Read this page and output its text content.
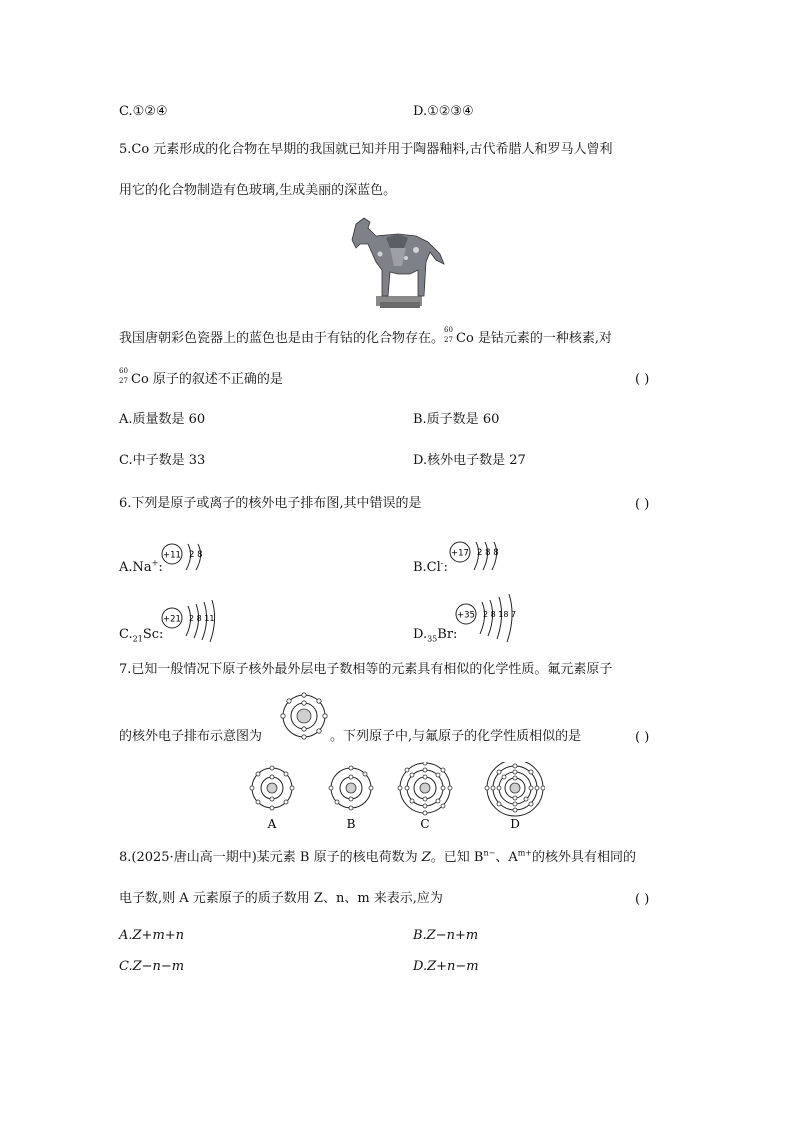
C.①②④	D.①②③④
5.Co 元素形成的化合物在早期的我国就已知并用于陶器釉料,古代希腊人和罗马人曾利
用它的化合物制造有色玻璃,生成美丽的深蓝色。
我国唐朝彩色瓷器上的蓝色也是由于有钴的化合物存在。
60
27 Co 是钴元素的一种核素,对
60
27 Co 原子的叙述不正确的是	( )
A.质量数是 60	B.质子数是 60
C.中子数是 33	D.核外电子数是 27
6.下列是原子或离子的核外电子排布图,其中错误的是	( )
A.Na+:
+11 2 8
B.Cl-:
+17 2 8 8
$C._{21}Sc$:
+21 2 8 11
$D._{35}Br$:
+35 2 8 18 7
7.已知一般情况下原子核外最外层电子数相等的元素具有相似的化学性质。氟元素原子
的核外电子排布示意图为	。下列原子中,与氟原子的化学性质相似的是	( )
A	B	C	D
8.(2025·唐山高一期中)某元素 B 原子的核电荷数为 Z。已知 $B^{n-}$、$A^{m+}$的核外具有相同的
电子数,则 A 元素原子的质子数用 Z、n、m 来表示,应为	( )
A.Z+m+n	B.Z−n+m
C.Z−n−m	D.Z+n−m
